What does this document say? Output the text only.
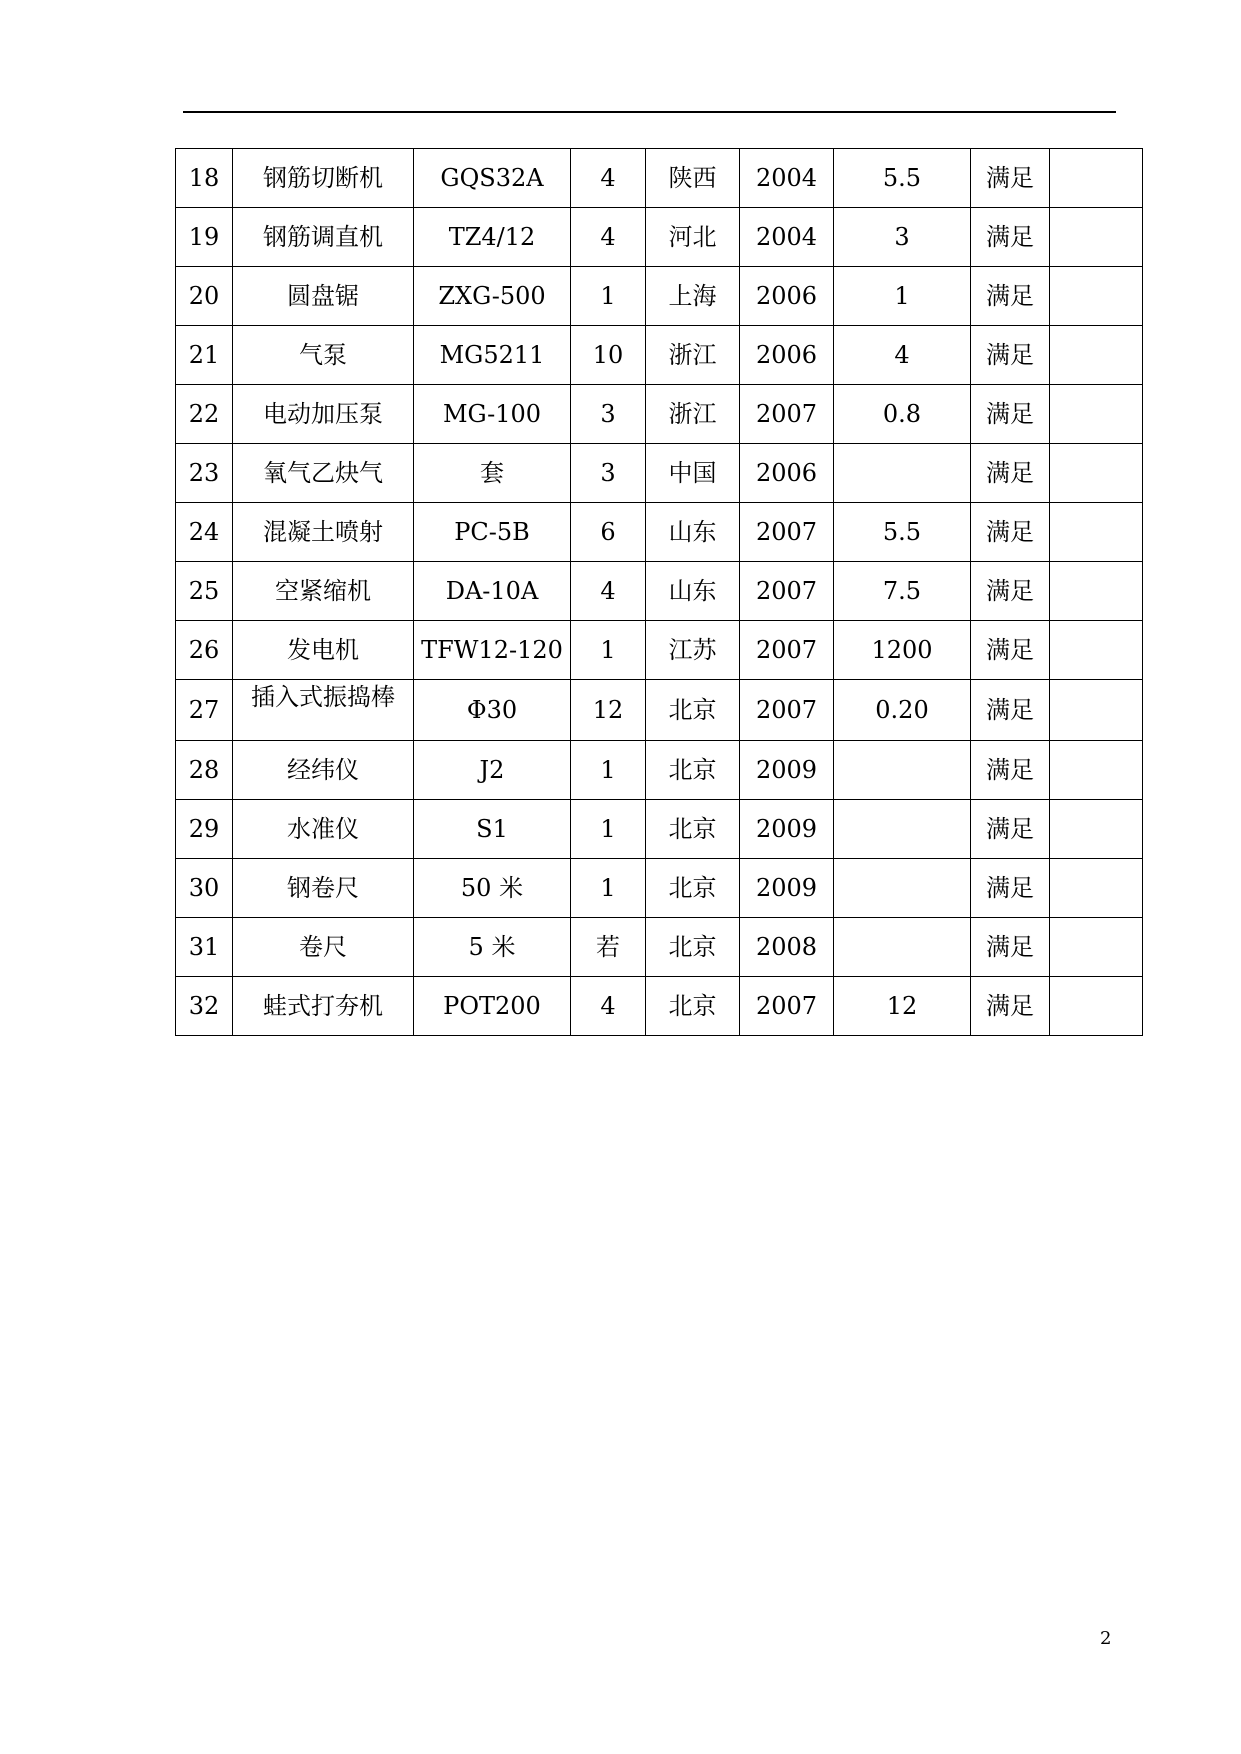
18	钢筋切断机	GQS32A	4	陕西	2004	5.5	满足	
19	钢筋调直机	TZ4/12	4	河北	2004	3	满足	
20	圆盘锯	ZXG-500	1	上海	2006	1	满足	
21	气泵	MG5211	10	浙江	2006	4	满足	
22	电动加压泵	MG-100	3	浙江	2007	0.8	满足	
23	氧气乙炔气	套	3	中国	2006		满足	
24	混凝土喷射	PC-5B	6	山东	2007	5.5	满足	
25	空紧缩机	DA-10A	4	山东	2007	7.5	满足	
26	发电机	TFW12-120	1	江苏	2007	1200	满足	
27	插入式振捣棒	Φ30	12	北京	2007	0.20	满足	
28	经纬仪	J2	1	北京	2009		满足	
29	水准仪	S1	1	北京	2009		满足	
30	钢卷尺	50 米	1	北京	2009		满足	
31	卷尺	5 米	若	北京	2008		满足	
32	蛙式打夯机	POT200	4	北京	2007	12	满足	
2
